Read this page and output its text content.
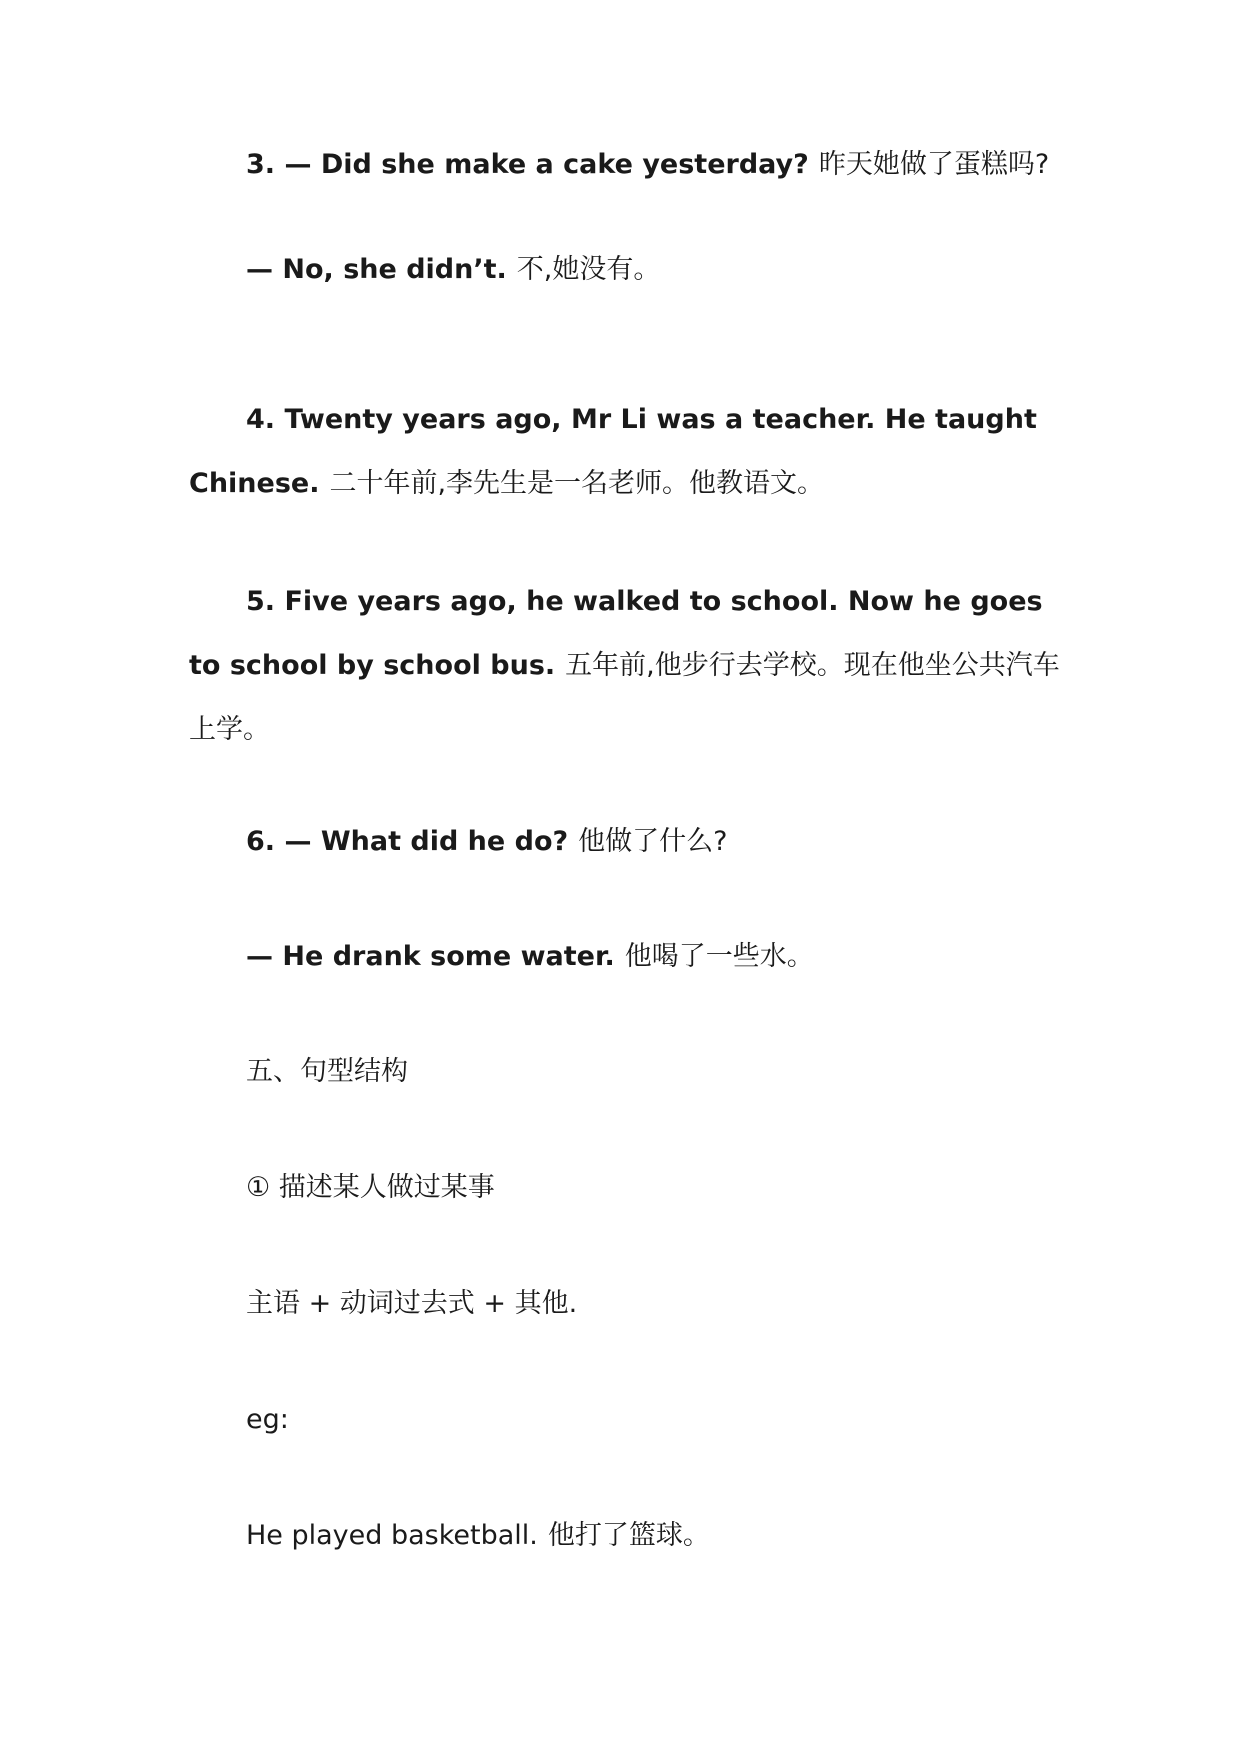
3. — Did she make a cake yesterday? 昨天她做了蛋糕吗?

— No, she didn’t. 不,她没有。

4. Twenty years ago, Mr Li was a teacher. He taught Chinese. 二十年前,李先生是一名老师。他教语文。

5. Five years ago, he walked to school. Now he goes to school by school bus. 五年前,他步行去学校。现在他坐公共汽车上学。

6. — What did he do? 他做了什么?

— He drank some water. 他喝了一些水。

五、句型结构

① 描述某人做过某事

主语 + 动词过去式 + 其他.

eg:

He played basketball. 他打了篮球。
